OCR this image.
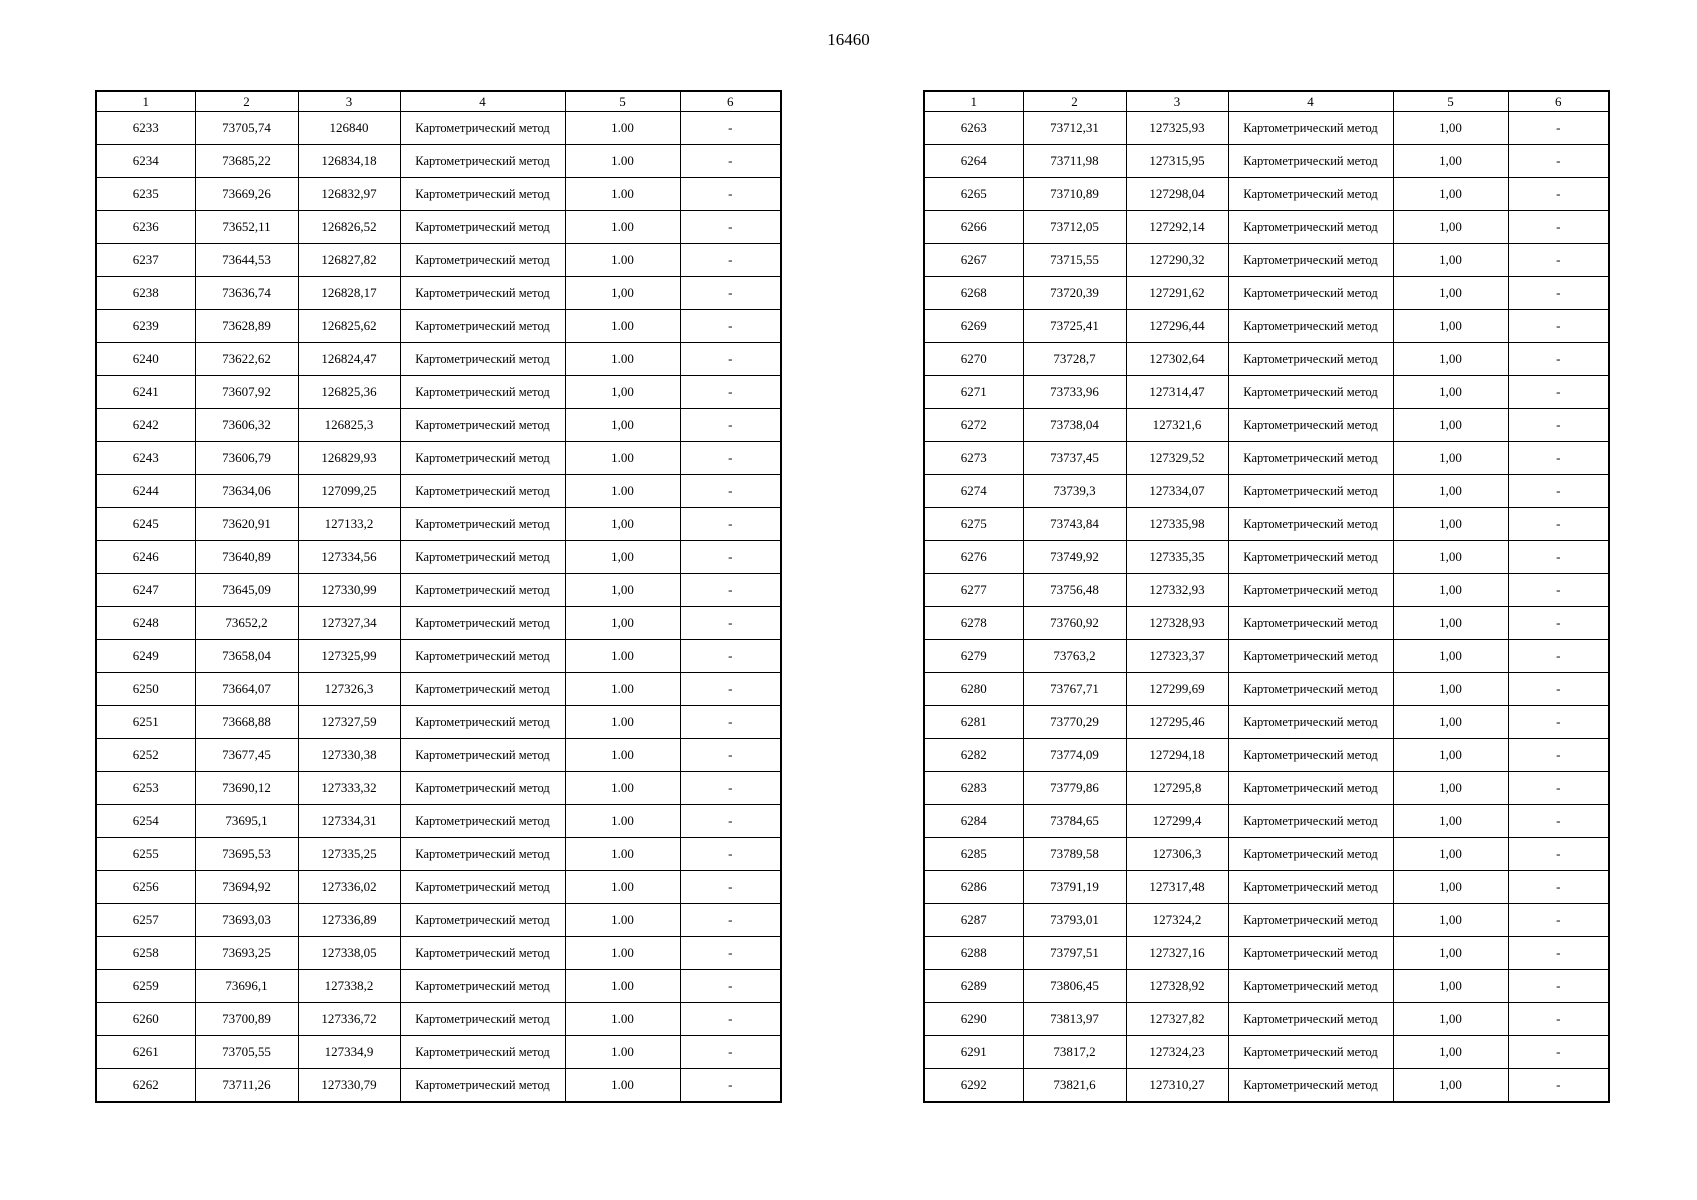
16460
1	2	3	4	5	6
6233	73705,74	126840	Картометрический метод	1.00	-
6234	73685,22	126834,18	Картометрический метод	1.00	-
6235	73669,26	126832,97	Картометрический метод	1.00	-
6236	73652,11	126826,52	Картометрический метод	1.00	-
6237	73644,53	126827,82	Картометрический метод	1.00	-
6238	73636,74	126828,17	Картометрический метод	1,00	-
6239	73628,89	126825,62	Картометрический метод	1.00	-
6240	73622,62	126824,47	Картометрический метод	1.00	-
6241	73607,92	126825,36	Картометрический метод	1,00	-
6242	73606,32	126825,3	Картометрический метод	1,00	-
6243	73606,79	126829,93	Картометрический метод	1.00	-
6244	73634,06	127099,25	Картометрический метод	1.00	-
6245	73620,91	127133,2	Картометрический метод	1,00	-
6246	73640,89	127334,56	Картометрический метод	1,00	-
6247	73645,09	127330,99	Картометрический метод	1,00	-
6248	73652,2	127327,34	Картометрический метод	1,00	-
6249	73658,04	127325,99	Картометрический метод	1.00	-
6250	73664,07	127326,3	Картометрический метод	1.00	-
6251	73668,88	127327,59	Картометрический метод	1.00	-
6252	73677,45	127330,38	Картометрический метод	1.00	-
6253	73690,12	127333,32	Картометрический метод	1.00	-
6254	73695,1	127334,31	Картометрический метод	1.00	-
6255	73695,53	127335,25	Картометрический метод	1.00	-
6256	73694,92	127336,02	Картометрический метод	1.00	-
6257	73693,03	127336,89	Картометрический метод	1.00	-
6258	73693,25	127338,05	Картометрический метод	1.00	-
6259	73696,1	127338,2	Картометрический метод	1.00	-
6260	73700,89	127336,72	Картометрический метод	1.00	-
6261	73705,55	127334,9	Картометрический метод	1.00	-
6262	73711,26	127330,79	Картометрический метод	1.00	-
1	2	3	4	5	6
6263	73712,31	127325,93	Картометрический метод	1,00	-
6264	73711,98	127315,95	Картометрический метод	1,00	-
6265	73710,89	127298,04	Картометрический метод	1,00	-
6266	73712,05	127292,14	Картометрический метод	1,00	-
6267	73715,55	127290,32	Картометрический метод	1,00	-
6268	73720,39	127291,62	Картометрический метод	1,00	-
6269	73725,41	127296,44	Картометрический метод	1,00	-
6270	73728,7	127302,64	Картометрический метод	1,00	-
6271	73733,96	127314,47	Картометрический метод	1,00	-
6272	73738,04	127321,6	Картометрический метод	1,00	-
6273	73737,45	127329,52	Картометрический метод	1,00	-
6274	73739,3	127334,07	Картометрический метод	1,00	-
6275	73743,84	127335,98	Картометрический метод	1,00	-
6276	73749,92	127335,35	Картометрический метод	1,00	-
6277	73756,48	127332,93	Картометрический метод	1,00	-
6278	73760,92	127328,93	Картометрический метод	1,00	-
6279	73763,2	127323,37	Картометрический метод	1,00	-
6280	73767,71	127299,69	Картометрический метод	1,00	-
6281	73770,29	127295,46	Картометрический метод	1,00	-
6282	73774,09	127294,18	Картометрический метод	1,00	-
6283	73779,86	127295,8	Картометрический метод	1,00	-
6284	73784,65	127299,4	Картометрический метод	1,00	-
6285	73789,58	127306,3	Картометрический метод	1,00	-
6286	73791,19	127317,48	Картометрический метод	1,00	-
6287	73793,01	127324,2	Картометрический метод	1,00	-
6288	73797,51	127327,16	Картометрический метод	1,00	-
6289	73806,45	127328,92	Картометрический метод	1,00	-
6290	73813,97	127327,82	Картометрический метод	1,00	-
6291	73817,2	127324,23	Картометрический метод	1,00	-
6292	73821,6	127310,27	Картометрический метод	1,00	-
